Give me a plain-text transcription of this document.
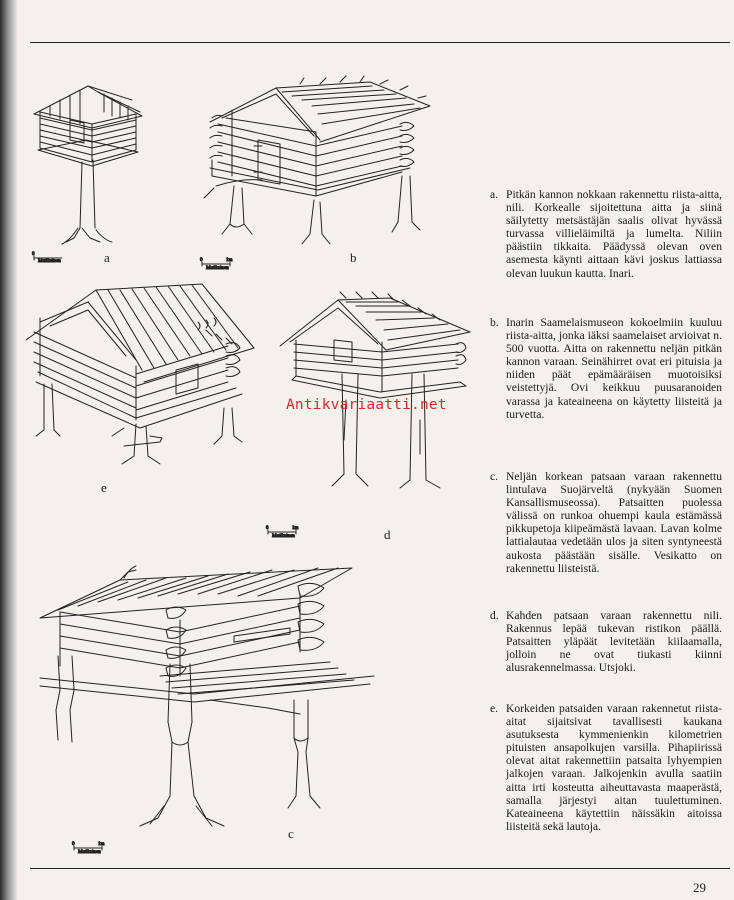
0
Matikainen	0	1m
Matikainen
0	1m
Matikainen
0	1m
Matikainen
a	b
e
d
c
Antikvariaatti.net

a. Pitkän kannon nokkaan rakennettu riista-aitta, nili. Korkealle sijoitettuna aitta ja siinä säilytetty metsästäjän saalis olivat hyvässä turvassa villieläimiltä ja lumelta. Niliin päästiin tikkaita. Päädyssä olevan oven asemesta käynti aittaan kävi joskus lattiassa olevan luukun kautta. Inari.

b. Inarin Saamelaismuseon kokoelmiin kuuluu riista-aitta, jonka iäksi saamelaiset arvioivat n. 500 vuotta. Aitta on rakennettu neljän pitkän kannon varaan. Seinähirret ovat eri pituisia ja niiden päät epämääräisen muotoisiksi veistettyjä. Ovi keikkuu puusaranoiden varassa ja kateaineena on käytetty liisteitä ja turvetta.

c. Neljän korkean patsaan varaan rakennettu lintulava Suojärveltä (nykyään Suomen Kansallismuseossa). Patsaitten puolessa välissä on runkoa ohuempi kaula estämässä pikkupetoja kiipeämästä lavaan. Lavan kolme lattialautaa vedetään ulos ja siten syntyneestä aukosta päästään sisälle. Vesikatto on rakennettu liisteistä.

d. Kahden patsaan varaan rakennettu nili. Rakennus lepää tukevan ristikon päällä. Patsaitten yläpäät levitetään kiilaamalla, jolloin ne ovat tiukasti kiinni alusrakennelmassa. Utsjoki.

e. Korkeiden patsaiden varaan rakennetut riista-aitat sijaitsivat tavallisesti kaukana asutuksesta kymmenienkin kilometrien pituisten ansapolkujen varsilla. Pihapiirissä olevat aitat rakennettiin patsaita lyhyempien jalkojen varaan. Jalkojenkin avulla saatiin aitta irti kosteutta aiheuttavasta maaperästä, samalla järjestyi aitan tuulettuminen. Kateaineena käytettiin näissäkin aitoissa liisteitä sekä lautoja.

29
